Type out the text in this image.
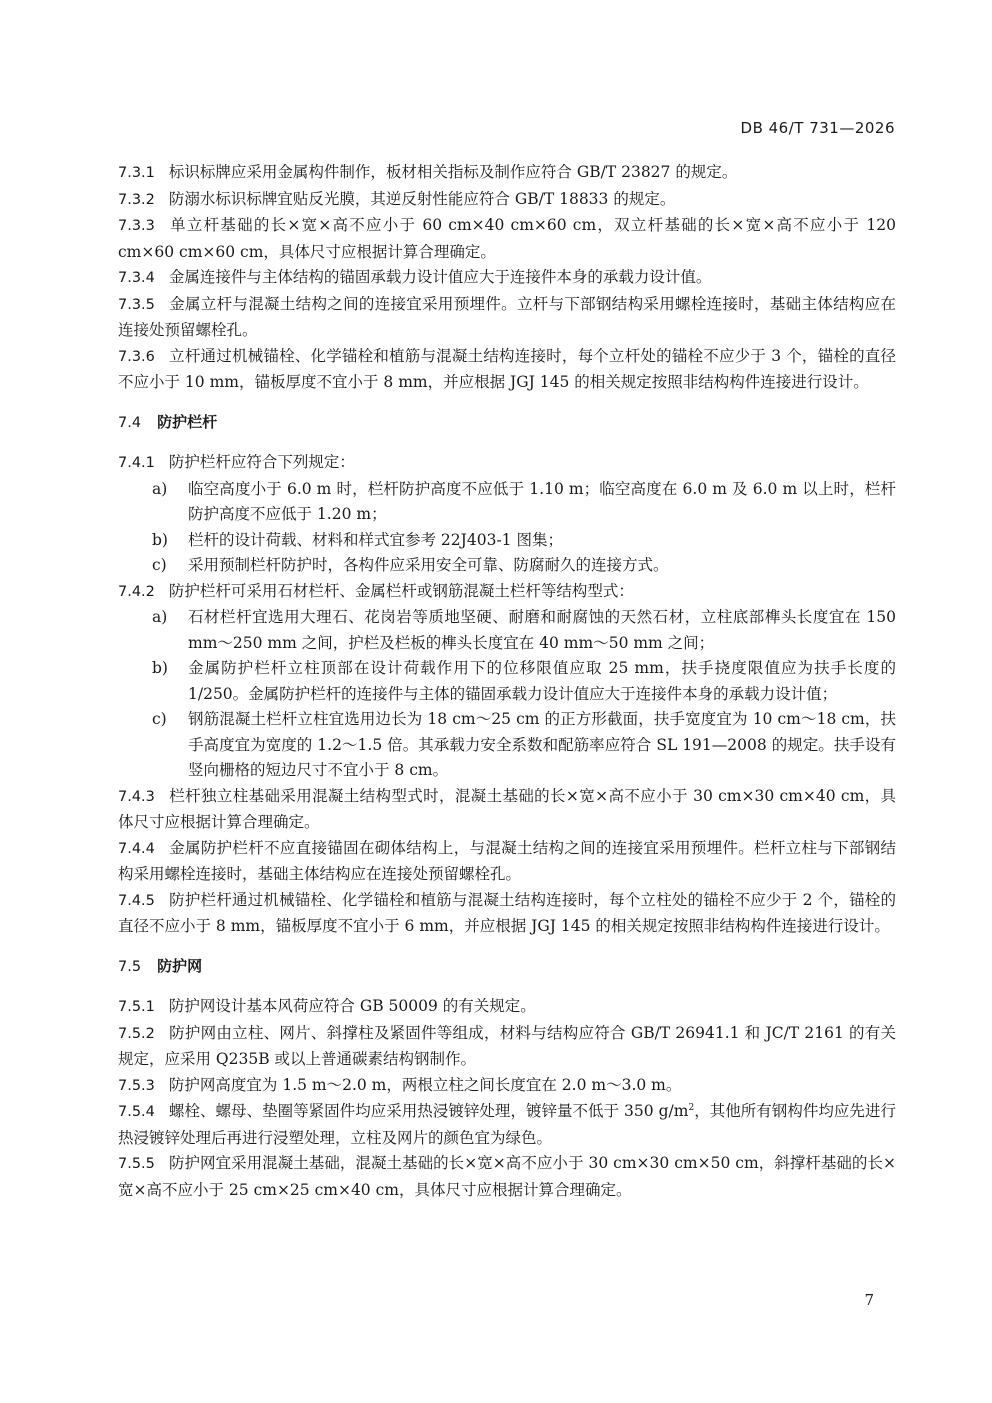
DB 46/T 731—2026

7.3.1 标识标牌应采用金属构件制作，板材相关指标及制作应符合 GB/T 23827 的规定。

7.3.2 防溺水标识标牌宜贴反光膜，其逆反射性能应符合 GB/T 18833 的规定。

7.3.3 单立杆基础的长×宽×高不应小于 60 cm×40 cm×60 cm，双立杆基础的长×宽×高不应小于 120 cm×60 cm×60 cm，具体尺寸应根据计算合理确定。

7.3.4 金属连接件与主体结构的锚固承载力设计值应大于连接件本身的承载力设计值。

7.3.5 金属立杆与混凝土结构之间的连接宜采用预埋件。立杆与下部钢结构采用螺栓连接时，基础主体结构应在连接处预留螺栓孔。

7.3.6 立杆通过机械锚栓、化学锚栓和植筋与混凝土结构连接时，每个立杆处的锚栓不应少于 3 个，锚栓的直径不应小于 10 mm，锚板厚度不宜小于 8 mm，并应根据 JGJ 145 的相关规定按照非结构构件连接进行设计。

7.4 防护栏杆

7.4.1 防护栏杆应符合下列规定：

a) 临空高度小于 6.0 m 时，栏杆防护高度不应低于 1.10 m；临空高度在 6.0 m 及 6.0 m 以上时，栏杆防护高度不应低于 1.20 m；
b) 栏杆的设计荷载、材料和样式宜参考 22J403-1 图集；
c) 采用预制栏杆防护时，各构件应采用安全可靠、防腐耐久的连接方式。

7.4.2 防护栏杆可采用石材栏杆、金属栏杆或钢筋混凝土栏杆等结构型式：

a) 石材栏杆宜选用大理石、花岗岩等质地坚硬、耐磨和耐腐蚀的天然石材，立柱底部榫头长度宜在 150 mm～250 mm 之间，护栏及栏板的榫头长度宜在 40 mm～50 mm 之间；
b) 金属防护栏杆立柱顶部在设计荷载作用下的位移限值应取 25 mm，扶手挠度限值应为扶手长度的 1/250。金属防护栏杆的连接件与主体的锚固承载力设计值应大于连接件本身的承载力设计值；
c) 钢筋混凝土栏杆立柱宜选用边长为 18 cm～25 cm 的正方形截面，扶手宽度宜为 10 cm～18 cm，扶手高度宜为宽度的 1.2～1.5 倍。其承载力安全系数和配筋率应符合 SL 191—2008 的规定。扶手设有竖向栅格的短边尺寸不宜小于 8 cm。

7.4.3 栏杆独立柱基础采用混凝土结构型式时，混凝土基础的长×宽×高不应小于 30 cm×30 cm×40 cm，具体尺寸应根据计算合理确定。

7.4.4 金属防护栏杆不应直接锚固在砌体结构上，与混凝土结构之间的连接宜采用预埋件。栏杆立柱与下部钢结构采用螺栓连接时，基础主体结构应在连接处预留螺栓孔。

7.4.5 防护栏杆通过机械锚栓、化学锚栓和植筋与混凝土结构连接时，每个立柱处的锚栓不应少于 2 个，锚栓的直径不应小于 8 mm，锚板厚度不宜小于 6 mm，并应根据 JGJ 145 的相关规定按照非结构构件连接进行设计。

7.5 防护网

7.5.1 防护网设计基本风荷应符合 GB 50009 的有关规定。

7.5.2 防护网由立柱、网片、斜撑柱及紧固件等组成，材料与结构应符合 GB/T 26941.1 和 JC/T 2161 的有关规定，应采用 Q235B 或以上普通碳素结构钢制作。

7.5.3 防护网高度宜为 1.5 m～2.0 m，两根立柱之间长度宜在 2.0 m～3.0 m。

7.5.4 螺栓、螺母、垫圈等紧固件均应采用热浸镀锌处理，镀锌量不低于 350 $g/m^2$，其他所有钢构件均应先进行热浸镀锌处理后再进行浸塑处理，立柱及网片的颜色宜为绿色。

7.5.5 防护网宜采用混凝土基础，混凝土基础的长×宽×高不应小于 30 cm×30 cm×50 cm，斜撑杆基础的长×宽×高不应小于 25 cm×25 cm×40 cm，具体尺寸应根据计算合理确定。

7
